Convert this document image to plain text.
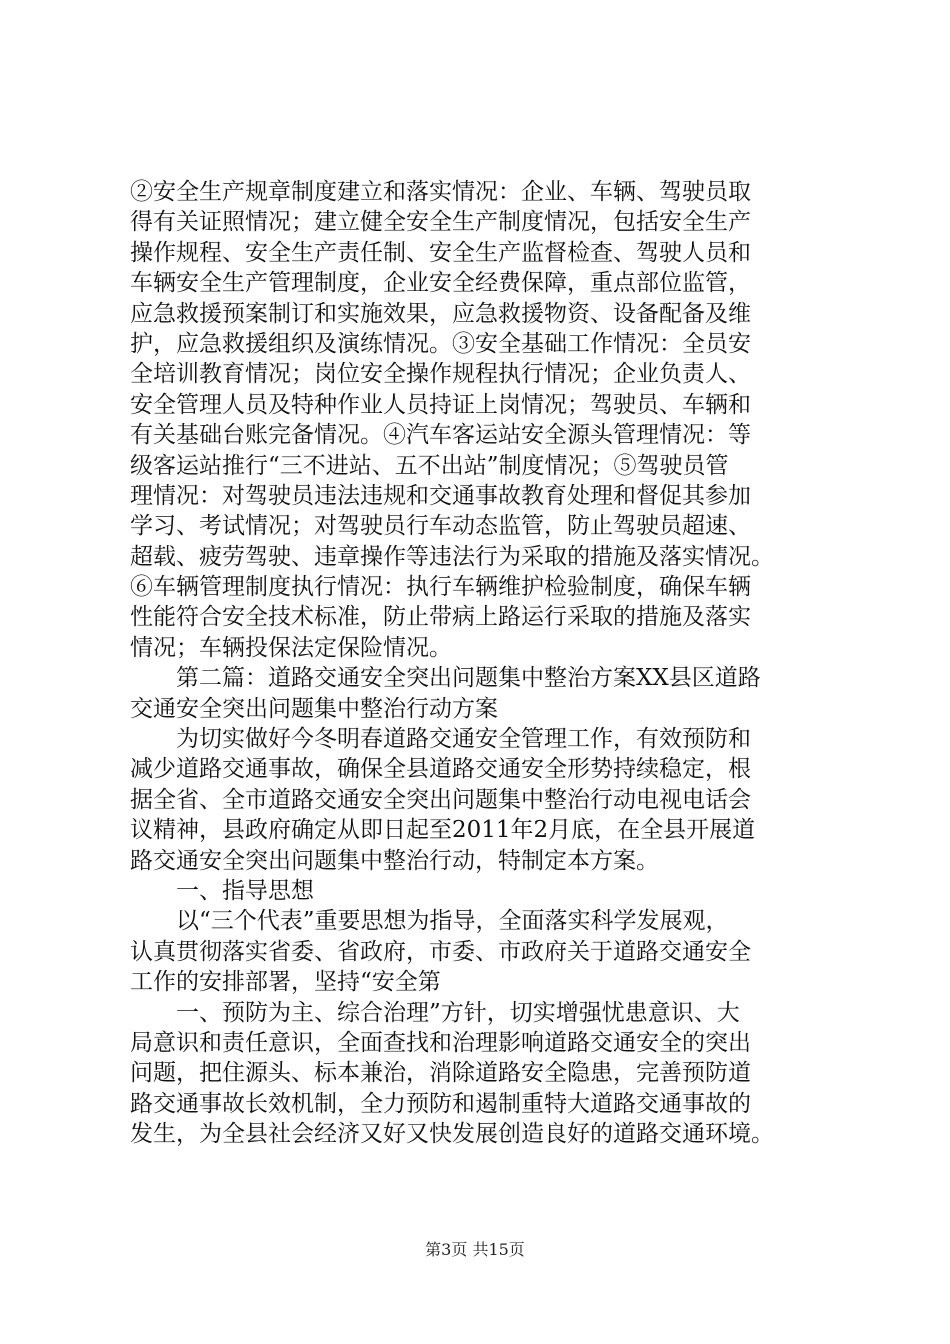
②安全生产规章制度建立和落实情况：企业、车辆、驾驶员取
得有关证照情况；建立健全安全生产制度情况，包括安全生产
操作规程、安全生产责任制、安全生产监督检查、驾驶人员和
车辆安全生产管理制度，企业安全经费保障，重点部位监管，
应急救援预案制订和实施效果，应急救援物资、设备配备及维
护，应急救援组织及演练情况。③安全基础工作情况：全员安
全培训教育情况；岗位安全操作规程执行情况；企业负责人、
安全管理人员及特种作业人员持证上岗情况；驾驶员、车辆和
有关基础台账完备情况。④汽车客运站安全源头管理情况：等
级客运站推行“三不进站、五不出站”制度情况；⑤驾驶员管
理情况：对驾驶员违法违规和交通事故教育处理和督促其参加
学习、考试情况；对驾驶员行车动态监管，防止驾驶员超速、
超载、疲劳驾驶、违章操作等违法行为采取的措施及落实情况。
⑥车辆管理制度执行情况：执行车辆维护检验制度，确保车辆
性能符合安全技术标准，防止带病上路运行采取的措施及落实
情况；车辆投保法定保险情况。
第二篇：道路交通安全突出问题集中整治方案XX县区道路
交通安全突出问题集中整治行动方案
为切实做好今冬明春道路交通安全管理工作，有效预防和
减少道路交通事故，确保全县道路交通安全形势持续稳定，根
据全省、全市道路交通安全突出问题集中整治行动电视电话会
议精神，县政府确定从即日起至2011年2月底，在全县开展道
路交通安全突出问题集中整治行动，特制定本方案。
一、指导思想
以“三个代表”重要思想为指导，全面落实科学发展观，
认真贯彻落实省委、省政府，市委、市政府关于道路交通安全
工作的安排部署，坚持“安全第
一、预防为主、综合治理”方针，切实增强忧患意识、大
局意识和责任意识，全面查找和治理影响道路交通安全的突出
问题，把住源头、标本兼治，消除道路安全隐患，完善预防道
路交通事故长效机制，全力预防和遏制重特大道路交通事故的
发生，为全县社会经济又好又快发展创造良好的道路交通环境。
第3页 共15页
